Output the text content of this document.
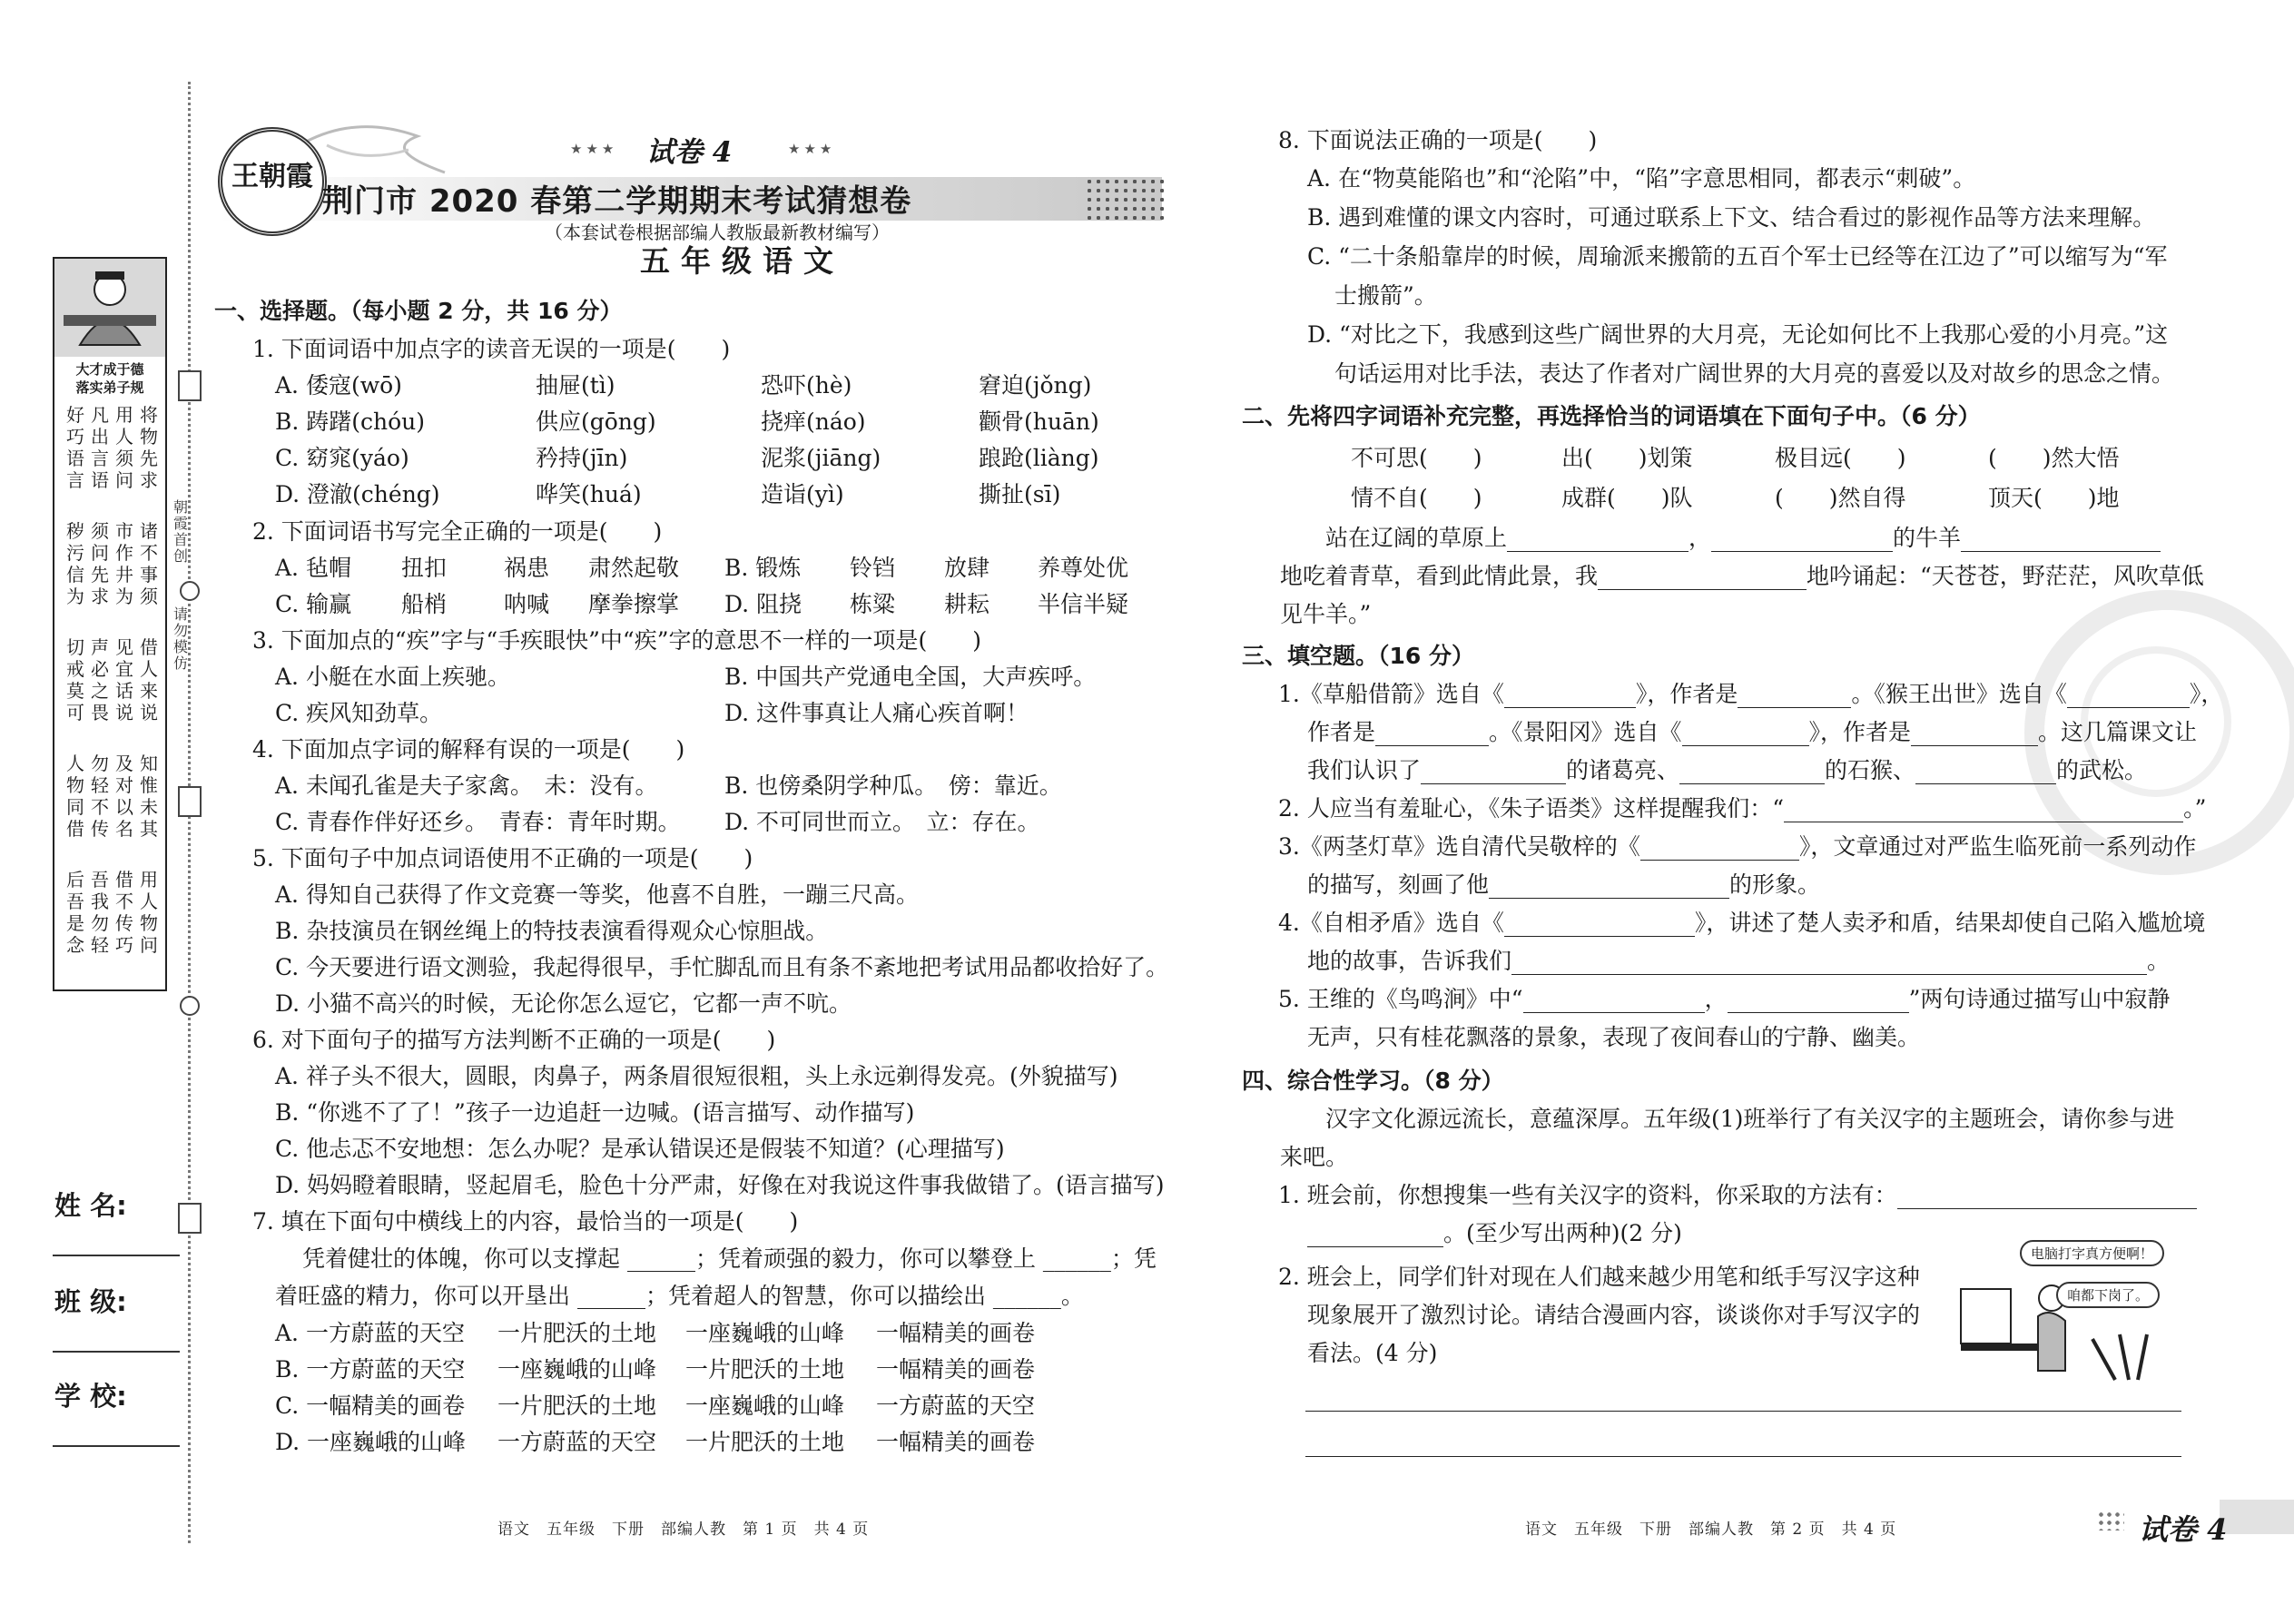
朝霞首创
请勿模仿
大才成于德
落实弟子规
好巧语言
凡出言语
用人须问
将物先求
秽污信为
须问先求
市作井为
诸不事须
切戒莫可
声必之畏
见宜话说
借人来说
人物同借
勿轻不传
及对以名
知惟未其
后吾是念
吾我勿轻
借不传巧
用人物问
姓 名:
班 级:
学 校:
王朝霞
★★★ 试卷 4	★★★
荆门市 2020 春第二学期期末考试猜想卷
（本套试卷根据部编人教版最新教材编写）
五年级语文
一、选择题。（每小题 2 分，共 16 分）
1. 下面词语中加点字的读音无误的一项是(　　)
A. 倭寇(wō)	抽屉(tì)	恐吓(hè)	窘迫(jǒng)
B. 踌躇(chóu)	供应(gōng)	挠痒(náo)	颧骨(huān)
C. 窈窕(yáo)	矜持(jīn)	泥浆(jiāng)	踉跄(liàng)
D. 澄澈(chéng)	哗笑(huá)	造诣(yì)	撕扯(sī)
2. 下面词语书写完全正确的一项是(　　)
A. 毡帽 扭扣	祸患 肃然起敬 B. 锻炼 铃铛 放肆 养尊处优
C. 输赢 船梢	呐喊 摩拳擦掌 D. 阻挠 栋粱 耕耘 半信半疑
3. 下面加点的“疾”字与“手疾眼快”中“疾”字的意思不一样的一项是(　　)
A. 小艇在水面上疾驰。	B. 中国共产党通电全国，大声疾呼。
C. 疾风知劲草。	D. 这件事真让人痛心疾首啊！
4. 下面加点字词的解释有误的一项是(　　)
A. 未闻孔雀是夫子家禽。　未：没有。	B. 也傍桑阴学种瓜。　傍：靠近。
C. 青春作伴好还乡。　青春：青年时期。 D. 不可同世而立。　立：存在。
5. 下面句子中加点词语使用不正确的一项是(　　)
A. 得知自己获得了作文竞赛一等奖，他喜不自胜，一蹦三尺高。
B. 杂技演员在钢丝绳上的特技表演看得观众心惊胆战。
C. 今天要进行语文测验，我起得很早，手忙脚乱而且有条不紊地把考试用品都收拾好了。
D. 小猫不高兴的时候，无论你怎么逗它，它都一声不吭。
6. 对下面句子的描写方法判断不正确的一项是(　　)
A. 祥子头不很大，圆眼，肉鼻子，两条眉很短很粗，头上永远剃得发亮。(外貌描写)
B. “你逃不了了！”孩子一边追赶一边喊。(语言描写、动作描写)
C. 他忐忑不安地想：怎么办呢？是承认错误还是假装不知道？(心理描写)
D. 妈妈瞪着眼睛，竖起眉毛，脸色十分严肃，好像在对我说这件事我做错了。(语言描写)
7. 填在下面句中横线上的内容，最恰当的一项是(　　)
凭着健壮的体魄，你可以支撑起 ______；凭着顽强的毅力，你可以攀登上 ______；凭
着旺盛的精力，你可以开垦出 ______；凭着超人的智慧，你可以描绘出 ______。
A. 一方蔚蓝的天空 一片肥沃的土地 一座巍峨的山峰 一幅精美的画卷
B. 一方蔚蓝的天空 一座巍峨的山峰 一片肥沃的土地 一幅精美的画卷
C. 一幅精美的画卷 一片肥沃的土地 一座巍峨的山峰 一方蔚蓝的天空
D. 一座巍峨的山峰 一方蔚蓝的天空 一片肥沃的土地 一幅精美的画卷
语文　五年级　下册　部编人教　第 1 页　共 4 页
8. 下面说法正确的一项是(　　)
A. 在“物莫能陷也”和“沦陷”中，“陷”字意思相同，都表示“刺破”。
B. 遇到难懂的课文内容时，可通过联系上下文、结合看过的影视作品等方法来理解。
C. “二十条船靠岸的时候，周瑜派来搬箭的五百个军士已经等在江边了”可以缩写为“军
士搬箭”。
D. “对比之下，我感到这些广阔世界的大月亮，无论如何比不上我那心爱的小月亮。”这
句话运用对比手法，表达了作者对广阔世界的大月亮的喜爱以及对故乡的思念之情。
二、先将四字词语补充完整，再选择恰当的词语填在下面句子中。（6 分）
不可思(　　)	出(　　)划策	极目远(　　)	(　　)然大悟
情不自(　　)	成群(　　)队	(　　)然自得	顶天(　　)地
站在辽阔的草原上	，	的牛羊
地吃着青草，看到此情此景，我	地吟诵起：“天苍苍，野茫茫，风吹草低
见牛羊。”
三、填空题。（16 分）
1.《草船借箭》选自《	》，作者是	。《猴王出世》选自《	》，
作者是	。《景阳冈》选自《	》，作者是	。这几篇课文让
我们认识了	的诸葛亮、	的石猴、	的武松。
2. 人应当有羞耻心，《朱子语类》这样提醒我们：“	。”
3.《两茎灯草》选自清代吴敬梓的《	》，文章通过对严监生临死前一系列动作
的描写，刻画了他	的形象。
4.《自相矛盾》选自《	》，讲述了楚人卖矛和盾，结果却使自己陷入尴尬境
地的故事，告诉我们	。
5. 王维的《鸟鸣涧》中“	，	”两句诗通过描写山中寂静
无声，只有桂花飘落的景象，表现了夜间春山的宁静、幽美。
四、综合性学习。（8 分）
汉字文化源远流长，意蕴深厚。五年级(1)班举行了有关汉字的主题班会，请你参与进
来吧。
1. 班会前，你想搜集一些有关汉字的资料，你采取的方法有：
。(至少写出两种)(2 分)
2. 班会上，同学们针对现在人们越来越少用笔和纸手写汉字这种
现象展开了激烈讨论。请结合漫画内容，谈谈你对手写汉字的
看法。(4 分)
电脑打字真方便啊！
咱都下岗了。
语文　五年级　下册　部编人教　第 2 页　共 4 页	试卷 4
